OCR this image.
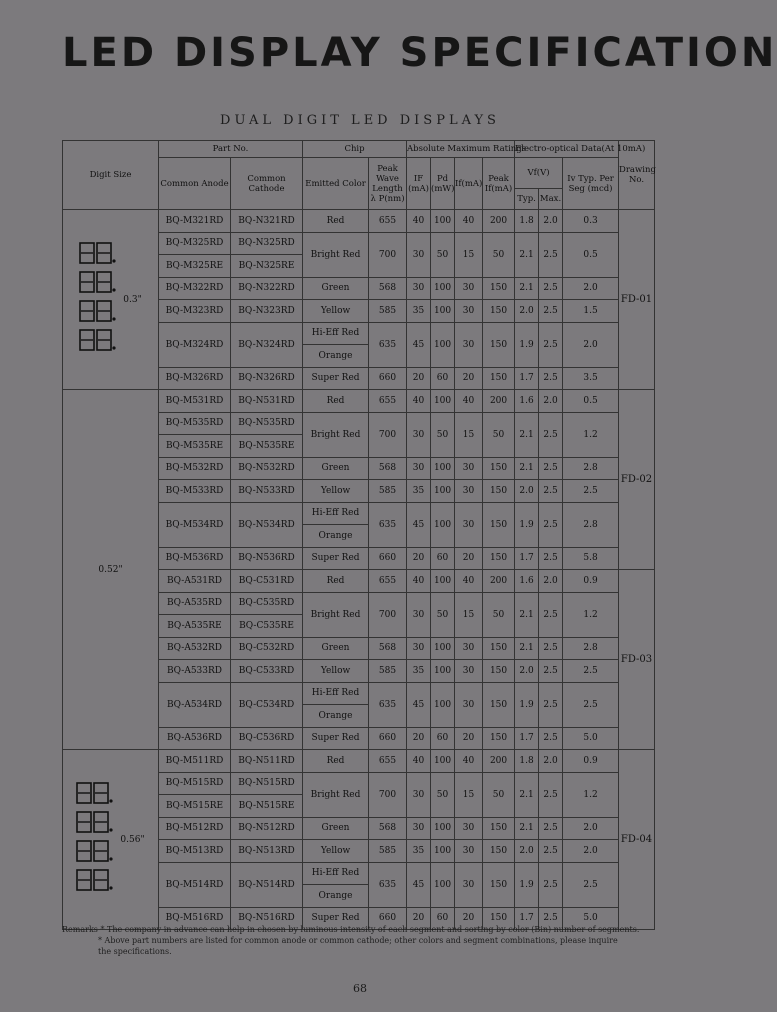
LED DISPLAY SPECIFICATION
DUAL DIGIT LED DISPLAYS
Digit Size	Part No.		Chip		Absolute Maximum Ratings				Electro-optical Data(At 10mA)			Drawing No.
	Common Anode	Common Cathode	Emitted Color	Peak Wave Length λ P(nm)	IF (mA)	Pd (mW)	If(mA)	Peak If(mA)	Vf(V)		Iv Typ. Per Seg (mcd)	
									Typ.	Max.		

0.3"	BQ-M321RD	BQ-N321RD	Red	655	40	100	40	200	1.8	2.0	0.3	FD-01
	BQ-M325RD	BQ-N325RD	Bright Red	700	30	50	15	50	2.1	2.5	0.5	
	BQ-M325RE	BQ-N325RE										
	BQ-M322RD	BQ-N322RD	Green	568	30	100	30	150	2.1	2.5	2.0	
	BQ-M323RD	BQ-N323RD	Yellow	585	35	100	30	150	2.0	2.5	1.5	
	BQ-M324RD	BQ-N324RD	Hi-Eff Red	635	45	100	30	150	1.9	2.5	2.0	
			Orange									
	BQ-M326RD	BQ-N326RD	Super Red	660	20	60	20	150	1.7	2.5	3.5	

0.52"	BQ-M531RD	BQ-N531RD	Red	655	40	100	40	200	1.6	2.0	0.5	FD-02
	BQ-M535RD	BQ-N535RD	Bright Red	700	30	50	15	50	2.1	2.5	1.2	
	BQ-M535RE	BQ-N535RE										
	BQ-M532RD	BQ-N532RD	Green	568	30	100	30	150	2.1	2.5	2.8	
	BQ-M533RD	BQ-N533RD	Yellow	585	35	100	30	150	2.0	2.5	2.5	
	BQ-M534RD	BQ-N534RD	Hi-Eff Red	635	45	100	30	150	1.9	2.5	2.8	
			Orange									
	BQ-M536RD	BQ-N536RD	Super Red	660	20	60	20	150	1.7	2.5	5.8	
	BQ-A531RD	BQ-C531RD	Red	655	40	100	40	200	1.6	2.0	0.9	FD-03
	BQ-A535RD	BQ-C535RD	Bright Red	700	30	50	15	50	2.1	2.5	1.2	
	BQ-A535RE	BQ-C535RE										
	BQ-A532RD	BQ-C532RD	Green	568	30	100	30	150	2.1	2.5	2.8	
	BQ-A533RD	BQ-C533RD	Yellow	585	35	100	30	150	2.0	2.5	2.5	
	BQ-A534RD	BQ-C534RD	Hi-Eff Red	635	45	100	30	150	1.9	2.5	2.5	
			Orange									
	BQ-A536RD	BQ-C536RD	Super Red	660	20	60	20	150	1.7	2.5	5.0	

0.56"	BQ-M511RD	BQ-N511RD	Red	655	40	100	40	200	1.8	2.0	0.9	FD-04
	BQ-M515RD	BQ-N515RD	Bright Red	700	30	50	15	50	2.1	2.5	1.2	
	BQ-M515RE	BQ-N515RE										
	BQ-M512RD	BQ-N512RD	Green	568	30	100	30	150	2.1	2.5	2.0	
	BQ-M513RD	BQ-N513RD	Yellow	585	35	100	30	150	2.0	2.5	2.0	
	BQ-M514RD	BQ-N514RD	Hi-Eff Red	635	45	100	30	150	1.9	2.5	2.5	
			Orange									
	BQ-M516RD	BQ-N516RD	Super Red	660	20	60	20	150	1.7	2.5	5.0	
Remarks * The company in advance can help in chosen by luminous intensity of each segment and sorting by color (Bin) number of segments.
* Above part numbers are listed for common anode or common cathode; other colors and segment combinations, please inquire
the specifications.
68
